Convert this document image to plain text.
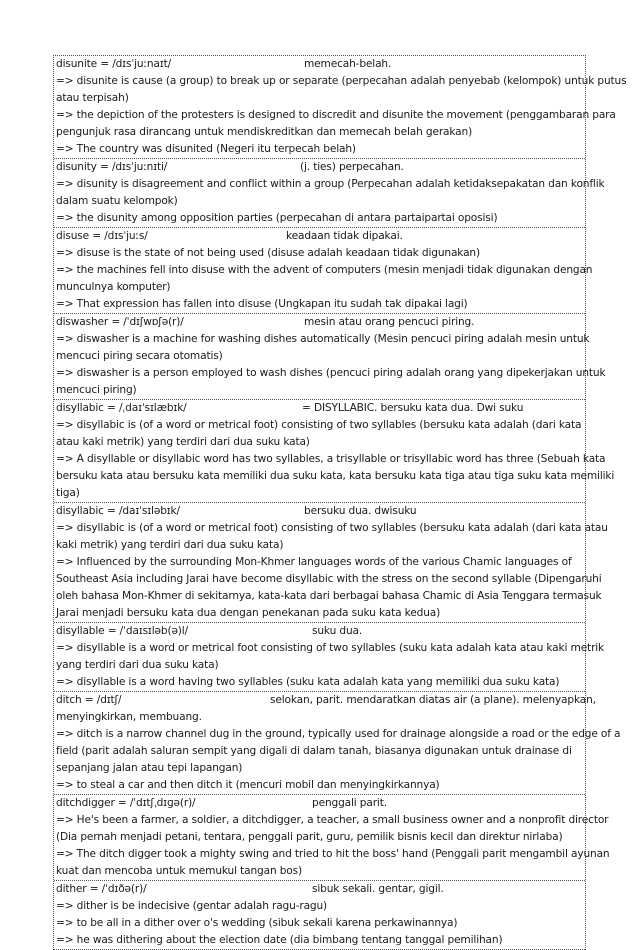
disunite = /dɪsˈjuːnaɪt/	memecah-belah.
=> disunite is cause (a group) to break up or separate (perpecahan adalah penyebab (kelompok) untuk putus
atau terpisah)
=> the depiction of the protesters is designed to discredit and disunite the movement (penggambaran para
pengunjuk rasa dirancang untuk mendiskreditkan dan memecah belah gerakan)
=> The country was disunited (Negeri itu terpecah belah)
disunity = /dɪsˈjuːnɪti/	(j. ties) perpecahan.
=> disunity is disagreement and conflict within a group (Perpecahan adalah ketidaksepakatan dan konflik
dalam suatu kelompok)
=> the disunity among opposition parties (perpecahan di antara partaipartai oposisi)
disuse = /dɪsˈjuːs/	keadaan tidak dipakai.
=> disuse is the state of not being used (disuse adalah keadaan tidak digunakan)
=> the machines fell into disuse with the advent of computers (mesin menjadi tidak digunakan dengan
munculnya komputer)
=> That expression has fallen into disuse (Ungkapan itu sudah tak dipakai lagi)
diswasher = /ˈdɪʃwɒʃə(r)/	mesin atau orang pencuci piring.
=> diswasher is a machine for washing dishes automatically (Mesin pencuci piring adalah mesin untuk
mencuci piring secara otomatis)
=> diswasher is a person employed to wash dishes (pencuci piring adalah orang yang dipekerjakan untuk
mencuci piring)
disyllabic = /ˌdaɪˈsɪlæbɪk/	= DISYLLABIC. bersuku kata dua. Dwi suku
=> disyllabic is (of a word or metrical foot) consisting of two syllables (bersuku kata adalah (dari kata
atau kaki metrik) yang terdiri dari dua suku kata)
=> A disyllable or disyllabic word has two syllables, a trisyllable or trisyllabic word has three (Sebuah kata
bersuku kata atau bersuku kata memiliki dua suku kata, kata bersuku kata tiga atau tiga suku kata memiliki
tiga)
disyllabic = /daɪˈsɪləbɪk/	bersuku dua. dwisuku
=> disyllabic is (of a word or metrical foot) consisting of two syllables (bersuku kata adalah (dari kata atau
kaki metrik) yang terdiri dari dua suku kata)
=> Influenced by the surrounding Mon-Khmer languages words of the various Chamic languages of
Southeast Asia including Jarai have become disyllabic with the stress on the second syllable (Dipengaruhi
oleh bahasa Mon-Khmer di sekitarnya, kata-kata dari berbagai bahasa Chamic di Asia Tenggara termasuk
Jarai menjadi bersuku kata dua dengan penekanan pada suku kata kedua)
disyllable = /ˈdaɪsɪləb(ə)l/	suku dua.
=> disyllable is a word or metrical foot consisting of two syllables (suku kata adalah kata atau kaki metrik
yang terdiri dari dua suku kata)
=> disyllable is a word having two syllables (suku kata adalah kata yang memiliki dua suku kata)
ditch = /dɪtʃ/	selokan, parit. mendaratkan diatas air (a plane). melenyapkan,
menyingkirkan, membuang.
=> ditch is a narrow channel dug in the ground, typically used for drainage alongside a road or the edge of a
field (parit adalah saluran sempit yang digali di dalam tanah, biasanya digunakan untuk drainase di
sepanjang jalan atau tepi lapangan)
=> to steal a car and then ditch it (mencuri mobil dan menyingkirkannya)
ditchdigger = /ˈdɪtʃˌdɪɡə(r)/	penggali parit.
=> He's been a farmer, a soldier, a ditchdigger, a teacher, a small business owner and a nonprofit director
(Dia pernah menjadi petani, tentara, penggali parit, guru, pemilik bisnis kecil dan direktur nirlaba)
=> The ditch digger took a mighty swing and tried to hit the boss' hand (Penggali parit mengambil ayunan
kuat dan mencoba untuk memukul tangan bos)
dither = /ˈdɪðə(r)/	sibuk sekali. gentar, gigil.
=> dither is be indecisive (gentar adalah ragu-ragu)
=> to be all in a dither over o's wedding (sibuk sekali karena perkawinannya)
=> he was dithering about the election date (dia bimbang tentang tanggal pemilihan)
